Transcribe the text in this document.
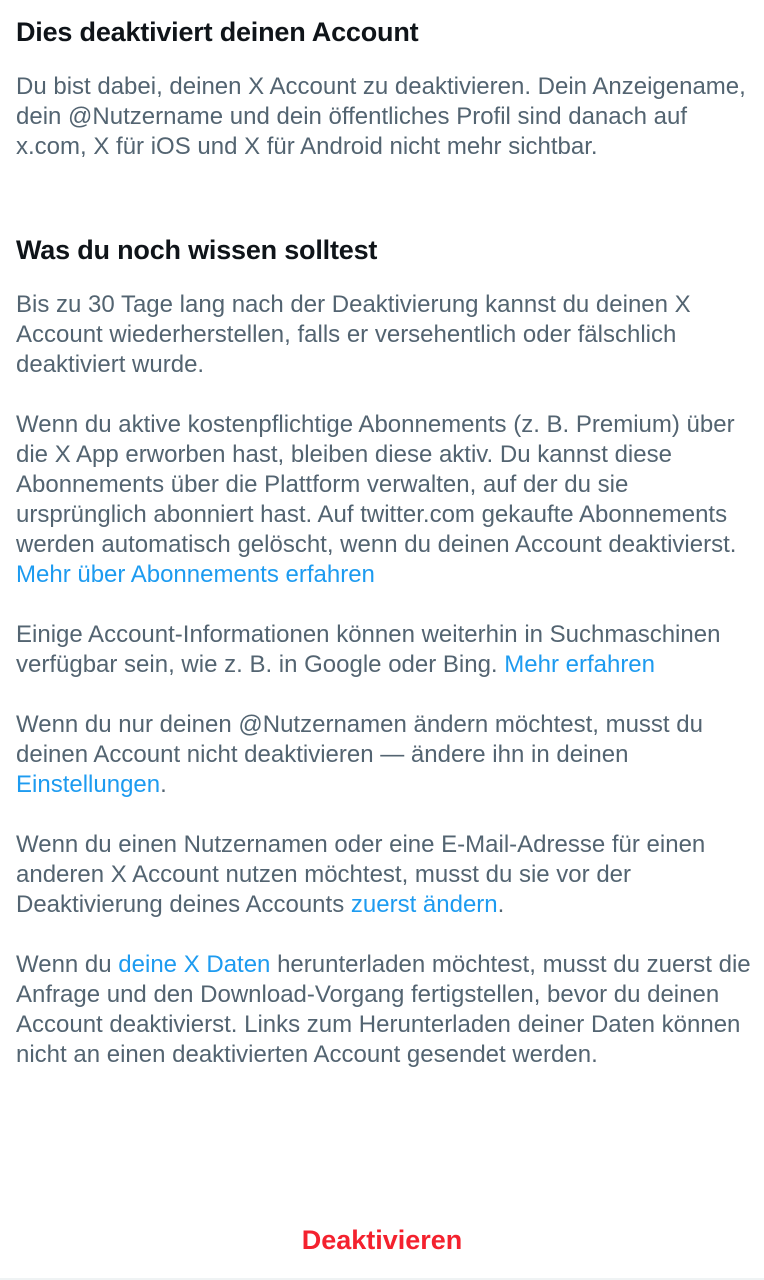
Dies deaktiviert deinen Account

Du bist dabei, deinen X Account zu deaktivieren. Dein Anzeigename, dein @Nutzername und dein öffentliches Profil sind danach auf x.com, X für iOS und X für Android nicht mehr sichtbar.

Was du noch wissen solltest

Bis zu 30 Tage lang nach der Deaktivierung kannst du deinen X Account wiederherstellen, falls er versehentlich oder fälschlich deaktiviert wurde.

Wenn du aktive kostenpflichtige Abonnements (z. B. Premium) über die X App erworben hast, bleiben diese aktiv. Du kannst diese Abonnements über die Plattform verwalten, auf der du sie ursprünglich abonniert hast. Auf twitter.com gekaufte Abonnements werden automatisch gelöscht, wenn du deinen Account deaktivierst. Mehr über Abonnements erfahren

Einige Account-Informationen können weiterhin in Suchmaschinen verfügbar sein, wie z. B. in Google oder Bing. Mehr erfahren

Wenn du nur deinen @Nutzernamen ändern möchtest, musst du deinen Account nicht deaktivieren — ändere ihn in deinen Einstellungen.

Wenn du einen Nutzernamen oder eine E-Mail-Adresse für einen anderen X Account nutzen möchtest, musst du sie vor der Deaktivierung deines Accounts zuerst ändern.

Wenn du deine X Daten herunterladen möchtest, musst du zuerst die Anfrage und den Download-Vorgang fertigstellen, bevor du deinen Account deaktivierst. Links zum Herunterladen deiner Daten können nicht an einen deaktivierten Account gesendet werden.

Deaktivieren
